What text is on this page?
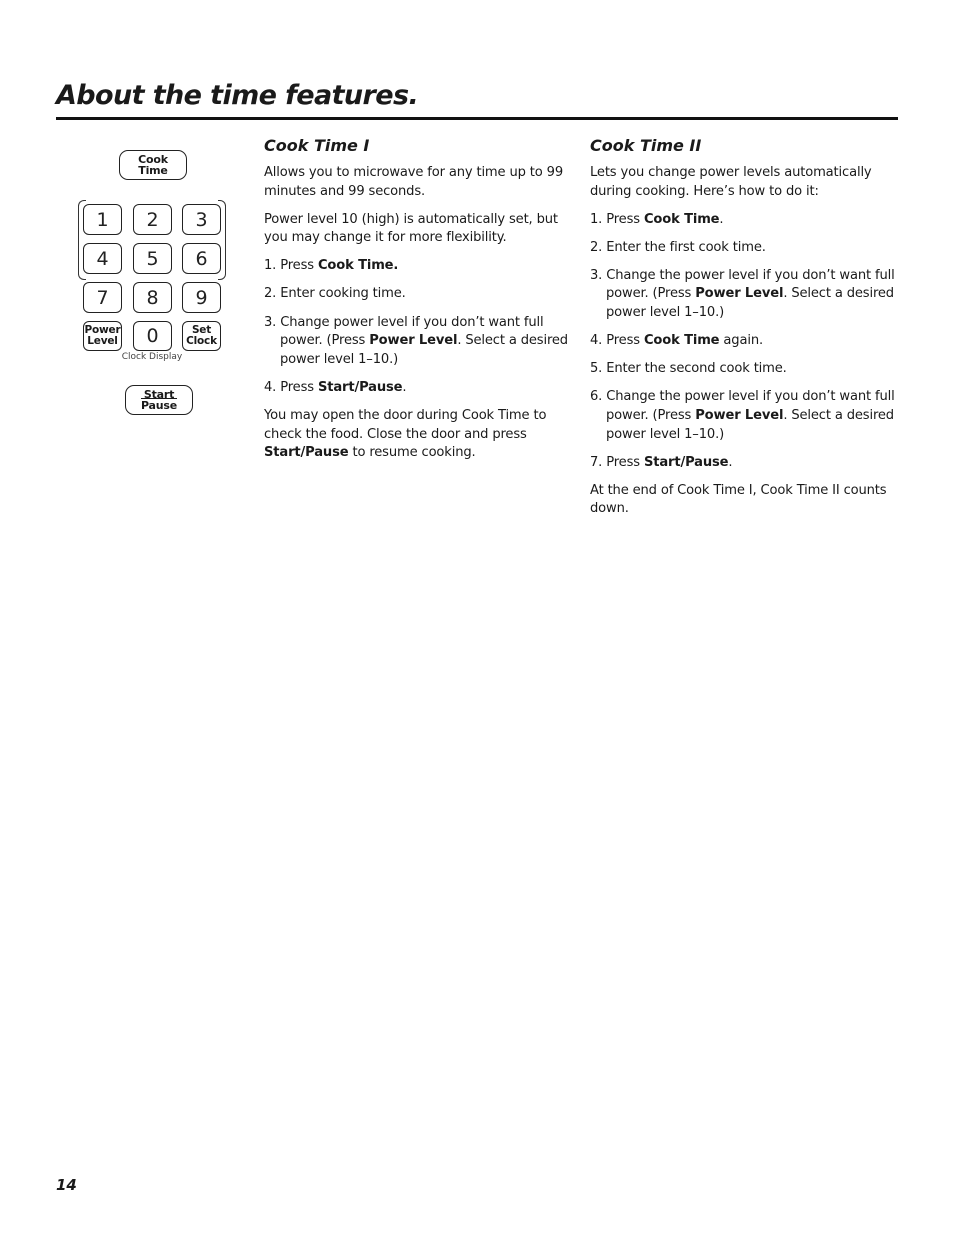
About the time features.
Cook
Time
1 2 3
4 5 6
7 8 9
Power
Level 0	Set
Clock
Clock Display
Start
Pause
Cook Time I

Allows you to microwave for any time up to 99 minutes and 99 seconds.

Power level 10 (high) is automatically set, but you may change it for more flexibility.

1. Press Cook Time.
2. Enter cooking time.
3. Change power level if you don’t want full power. (Press Power Level. Select a desired power level 1–10.)
4. Press Start/Pause.

You may open the door during Cook Time to check the food. Close the door and press Start/Pause to resume cooking.

Cook Time II

Lets you change power levels automatically during cooking. Here’s how to do it:

1. Press Cook Time.
2. Enter the first cook time.
3. Change the power level if you don’t want full power. (Press Power Level. Select a desired power level 1–10.)
4. Press Cook Time again.
5. Enter the second cook time.
6. Change the power level if you don’t want full power. (Press Power Level. Select a desired power level 1–10.)
7. Press Start/Pause.

At the end of Cook Time I, Cook Time II counts down.

14
